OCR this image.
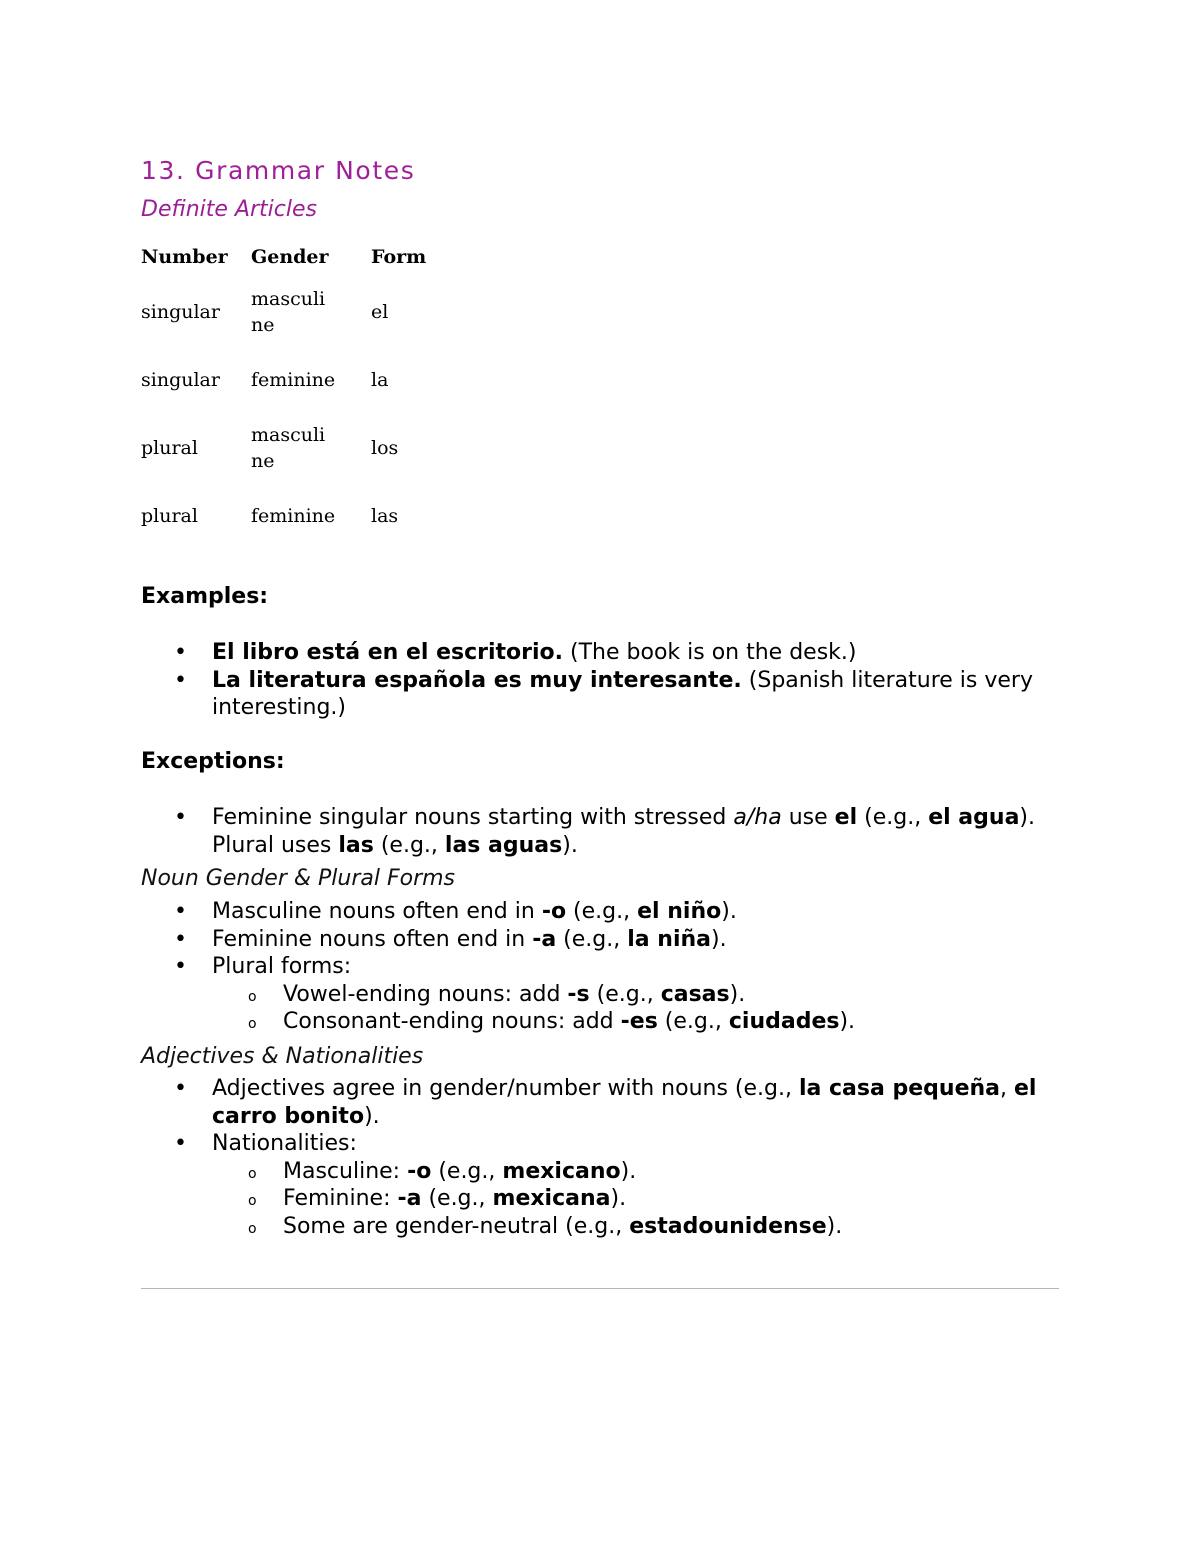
13. Grammar Notes
Definite Articles
Number	Gender	Form
singular	masculine	el
singular	feminine	la
plural	masculine	los
plural	feminine	las
Examples:
• El libro está en el escritorio. (The book is on the desk.)
• La literatura española es muy interesante. (Spanish literature is very interesting.)
Exceptions:
• Feminine singular nouns starting with stressed a/ha use el (e.g., el agua). Plural uses las (e.g., las aguas).
Noun Gender & Plural Forms
• Masculine nouns often end in -o (e.g., el niño).
• Feminine nouns often end in -a (e.g., la niña).
• Plural forms:
o Vowel-ending nouns: add -s (e.g., casas).
o Consonant-ending nouns: add -es (e.g., ciudades).
Adjectives & Nationalities
• Adjectives agree in gender/number with nouns (e.g., la casa pequeña, el carro bonito).
• Nationalities:
o Masculine: -o (e.g., mexicano).
o Feminine: -a (e.g., mexicana).
o Some are gender-neutral (e.g., estadounidense).
